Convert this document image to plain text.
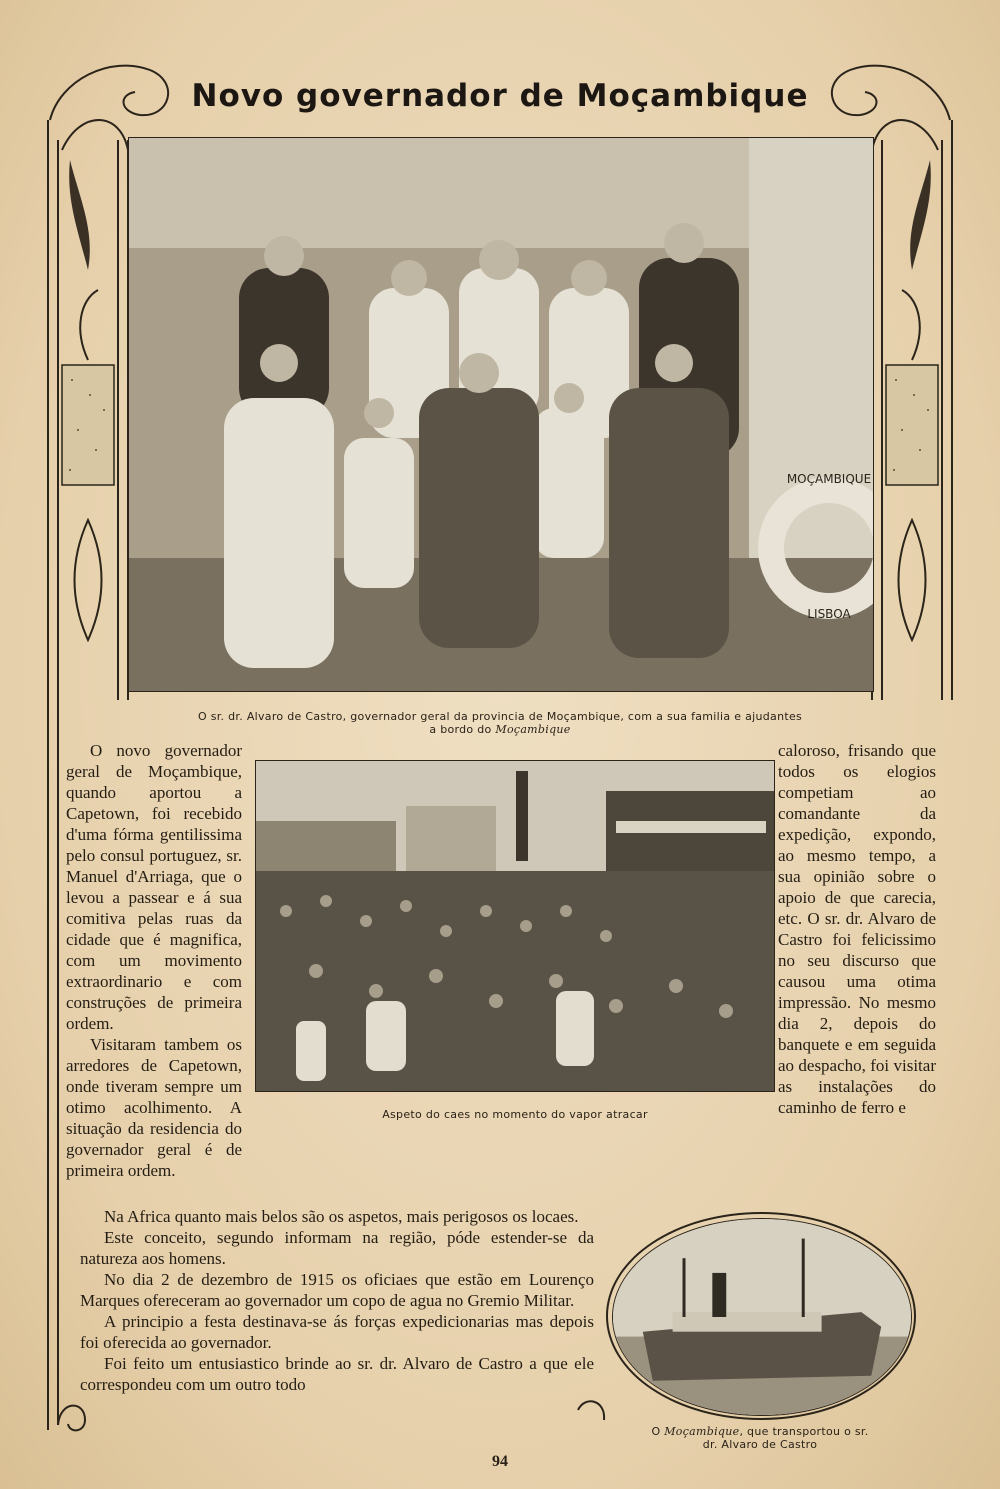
Novo governador de Moçambique
MOÇAMBIQUE
LISBOA
O sr. dr. Alvaro de Castro, governador geral da provincia de Moçambique, com a sua familia e ajudantes
a bordo do Moçambique
Aspeto do caes no momento do vapor atracar
O Moçambique, que transportou o sr.
dr. Alvaro de Castro

O novo governador geral de Moçambique, quando aportou a Capetown, foi recebido d'uma fórma gentilissima pelo consul portuguez, sr. Manuel d'Arriaga, que o levou a passear e á sua comitiva pelas ruas da cidade que é magnifica, com um movimento extraordinario e com construções de primeira ordem.

Visitaram tambem os arredores de Capetown, onde tiveram sempre um otimo acolhimento. A situação da residencia do governador geral é de primeira ordem.

caloroso, frisando que todos os elogios competiam ao comandante da expedição, expondo, ao mesmo tempo, a sua opinião sobre o apoio de que carecia, etc. O sr. dr. Alvaro de Castro foi felicissimo no seu discurso que causou uma otima impressão. No mesmo dia 2, depois do banquete e em seguida ao despacho, foi visitar as instalações do caminho de ferro e

Na Africa quanto mais belos são os aspetos, mais perigosos os locaes.

Este conceito, segundo informam na região, póde estender-se da natureza aos homens.

No dia 2 de dezembro de 1915 os oficiaes que estão em Lourenço Marques ofereceram ao governador um copo de agua no Gremio Militar.

A principio a festa destinava-se ás forças expedicionarias mas depois foi oferecida ao governador.

Foi feito um entusiastico brinde ao sr. dr. Alvaro de Castro a que ele correspondeu com um outro todo

94
